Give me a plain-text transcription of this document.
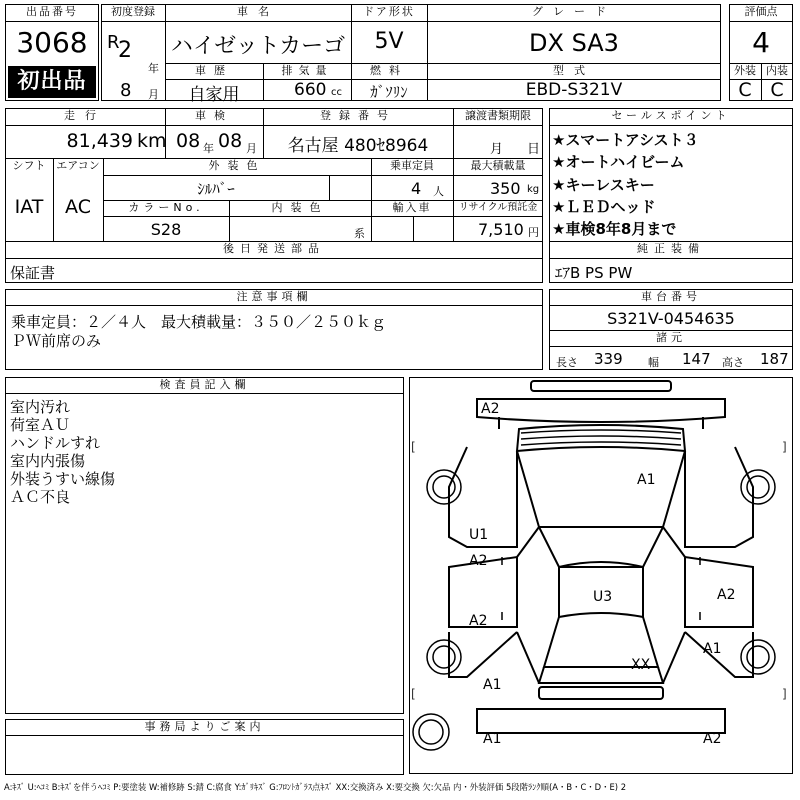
出品番号
3068
初出品
初度登録
R
2
年
8 月
車名
ハイゼットカーゴ
ドア形状
5V
グレード
DX SA3
車歴
自家用
排気量
660 cc
燃料
ｶﾞｿﾘﾝ
型式
EBD-S321V
評価点
4
外装 内装
C C
走行
81,439 km
車検
08 年 08 月
登録番号
名古屋 480ｾ8964
譲渡書類期限
月 日
シフト
IAT
エアコン
AC
外装色
ｼﾙﾊﾞｰ
乗車定員
4 人
最大積載量
350 kg
カラーNo.
S28
内装色
系
輸入車	リサイクル預託金
7,510 円
後日発送部品
保証書
セールスポイント
★スマートアシスト３
★オートハイビーム
★キーレスキー
★ＬＥＤヘッド
★車検8年8月まで
純正装備
ｴｱB PS PW
注意事項欄
乗車定員：２／４人　最大積載量：３５０／２５０ｋｇ
ＰＷ前席のみ
車台番号
S321V-0454635
諸元
長さ 339 幅 147 高さ 187
検査員記入欄
室内汚れ
荷室ＡＵ
ハンドルすれ
室内内張傷
外装うすい線傷
ＡＣ不良
事務局よりご案内
[	]
[	]
A2
A1
U1
A2
A2
U3	A2
A1
XX
A1
A1	A2
A:ｷｽﾞ U:ﾍｺﾐ B:ｷｽﾞを伴うﾍｺﾐ P:要塗装 W:補修跡 S:錆 C:腐食 Y:ｶﾞﾘｷｽﾞ G:ﾌﾛﾝﾄｶﾞﾗｽ点ｷｽﾞ XX:交換済み X:要交換 欠:欠品 内・外装評価 5段階ﾗﾝｸ順(A・B・C・D・E) 2
